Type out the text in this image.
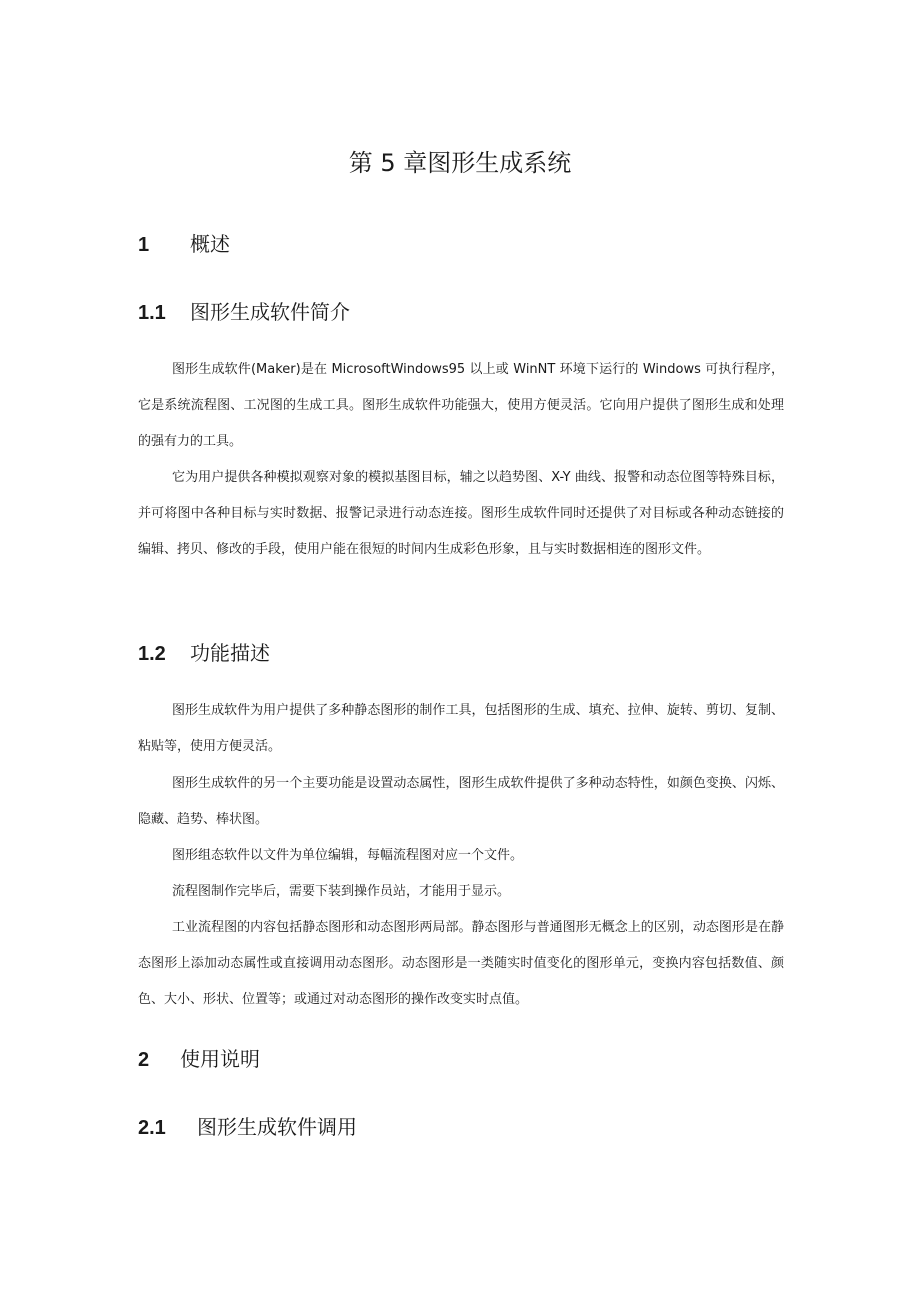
第 5 章图形生成系统
1 概述
1.1 图形生成软件简介
图形生成软件(Maker)是在 MicrosoftWindows95 以上或 WinNT 环境下运行的 Windows 可执行程序，它是系统流程图、工况图的生成工具。图形生成软件功能强大，使用方便灵活。它向用户提供了图形生成和处理的强有力的工具。
它为用户提供各种模拟观察对象的模拟基图目标，辅之以趋势图、X-Y 曲线、报警和动态位图等特殊目标，并可将图中各种目标与实时数据、报警记录进行动态连接。图形生成软件同时还提供了对目标或各种动态链接的编辑、拷贝、修改的手段，使用户能在很短的时间内生成彩色形象，且与实时数据相连的图形文件。
1.2 功能描述
图形生成软件为用户提供了多种静态图形的制作工具，包括图形的生成、填充、拉伸、旋转、剪切、复制、粘贴等，使用方便灵活。
图形生成软件的另一个主要功能是设置动态属性，图形生成软件提供了多种动态特性，如颜色变换、闪烁、隐藏、趋势、棒状图。
图形组态软件以文件为单位编辑，每幅流程图对应一个文件。
流程图制作完毕后，需要下装到操作员站，才能用于显示。
工业流程图的内容包括静态图形和动态图形两局部。静态图形与普通图形无概念上的区别，动态图形是在静态图形上添加动态属性或直接调用动态图形。动态图形是一类随实时值变化的图形单元，变换内容包括数值、颜色、大小、形状、位置等；或通过对动态图形的操作改变实时点值。
2 使用说明
2.1 图形生成软件调用
